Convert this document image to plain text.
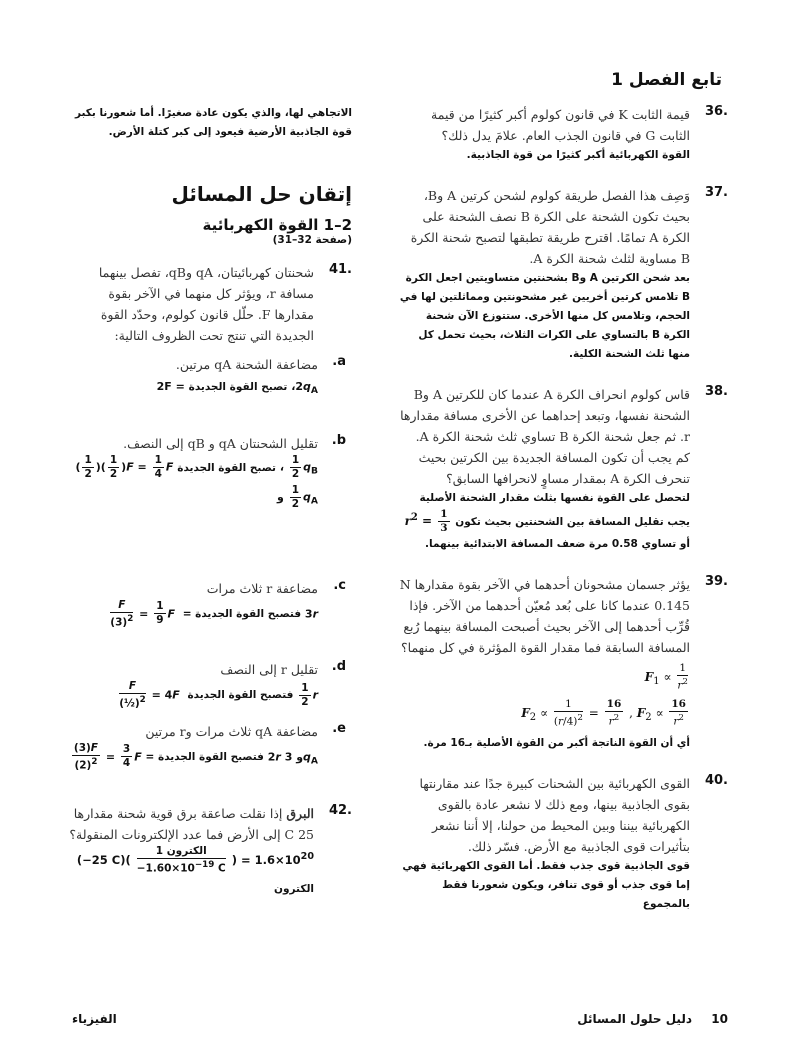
تابع الفصل 1
.36
قيمة الثابت K في قانون كولوم أكبر كثيرًا من قيمة الثابت G في قانون الجذب العام. علامَ يدل ذلك؟
القوة الكهربائية أكبر كثيرًا من قوة الجاذبية.
.37
وَصِف هذا الفصل طريقة كولوم لشحن كرتين A وB، بحيث تكون الشحنة على الكرة B نصف الشحنة على الكرة A تمامًا. اقترح طريقة تطبقها لتصبح شحنة الكرة B مساوية لثلث شحنة الكرة A.
بعد شحن الكرتين A وB بشحنتين متساويتين اجعل الكرة B تلامس كرتين أخريين غير مشحونتين ومماثلتين لها في الحجم، وتلامس كل منها الأخرى. ستتوزع الآن شحنة الكرة B بالتساوي على الكرات الثلاث، بحيث تحمل كل منها ثلث الشحنة الكلية.
.38
قاس كولوم انحراف الكرة A عندما كان للكرتين A وB الشحنة نفسها، وتبعد إحداهما عن الأخرى مسافة مقدارها r. ثم جعل شحنة الكرة B تساوي ثلث شحنة الكرة A. كم يجب أن تكون المسافة الجديدة بين الكرتين بحيث تنحرف الكرة A بمقدار مساوٍ لانحرافها السابق؟
لتحصل على القوة نفسها بثلث مقدار الشحنة الأصلية يجب تقليل المسافة بين الشحنتين بحيث تكون $r^2 = \frac{1}{3}$
أو تساوي 0.58 مرة ضعف المسافة الابتدائية بينهما.
.39
يؤثر جسمان مشحونان أحدهما في الآخر بقوة مقدارها N 0.145 عندما كانا على بُعد مُعيّن أحدهما من الآخر. فإذا قُرِّب أحدهما إلى الآخر بحيث أصبحت المسافة بينهما رُبع المسافة السابقة فما مقدار القوة المؤثرة في كل منهما؟
$F_1 \propto \frac{1}{r^2}$
$F_2 \propto \frac{1}{(r/4)^2} = \frac{16}{r^2}$ , $F_2 \propto \frac{16}{r^2}$
أي أن القوة الناتجة أكبر من القوة الأصلية بـ16 مرة.
.40
القوى الكهربائية بين الشحنات كبيرة جدًا عند مقارنتها بقوى الجاذبية بينها، ومع ذلك لا نشعر عادة بالقوى الكهربائية بيننا وبين المحيط من حولنا، إلا أننا نشعر بتأثيرات قوى الجاذبية مع الأرض. فسّر ذلك.
قوى الجاذبية قوى جذب فقط. أما القوى الكهربائية فهي إما قوى جذب أو قوى تنافر، ويكون شعورنا فقط بالمجموع
الاتجاهي لها، والذي يكون عادة صغيرًا. أما شعورنا بكبر قوة الجاذبية الأرضية فيعود إلى كبر كتلة الأرض.
إتقان حل المسائل
2–1 القوة الكهربائية
(صفحة 32–31)
.41
شحنتان كهربائيتان، qA وqB، تفصل بينهما مسافة r، ويؤثر كل منهما في الآخر بقوة مقدارها F. حلّل قانون كولوم، وحدّد القوة الجديدة التي تنتج تحت الظروف التالية:
a.
مضاعفة الشحنة qA مرتين.
2F = تصبح القوة الجديدة $،2q_A$
b.
تقليل الشحنتان qA و qB إلى النصف.
( $\frac{1}{2}$ )( $\frac{1}{2} )F = \frac{1}{4}$ F تصبح القوة الجديدة ، $\frac{1}{2} q_B$ و $\frac{1}{2} q_A$
c.
مضاعفة r ثلاث مرات
$\frac{F}{(3)^2} = \frac{1}{9}$ F فتصبح القوة الجديدة = 3r
d.
تقليل r إلى النصف
$\frac{F}{(\frac{1}{2})^2} = 4F$ فتصبح القوة الجديدة $\frac{1}{2}$ r
e.
مضاعفة qA ثلاث مرات وr مرتين
$\frac{(3)F}{(2)^2} = \frac{3}{4}$ F فتصبح القوة الجديدة = 2r و $3q_A$
.42
البرق إذا نقلت صاعقة برق قوية شحنة مقدارها C 25 إلى الأرض فما عدد الإلكترونات المنقولة؟
(−25 $C)( \frac{\text{1 الكترون}}{-1.60\times 10^{-19} C}$ ) = $1.6\times 10^{20}$ الكترون
10
دليل حلول المسائل
الفيزياء
